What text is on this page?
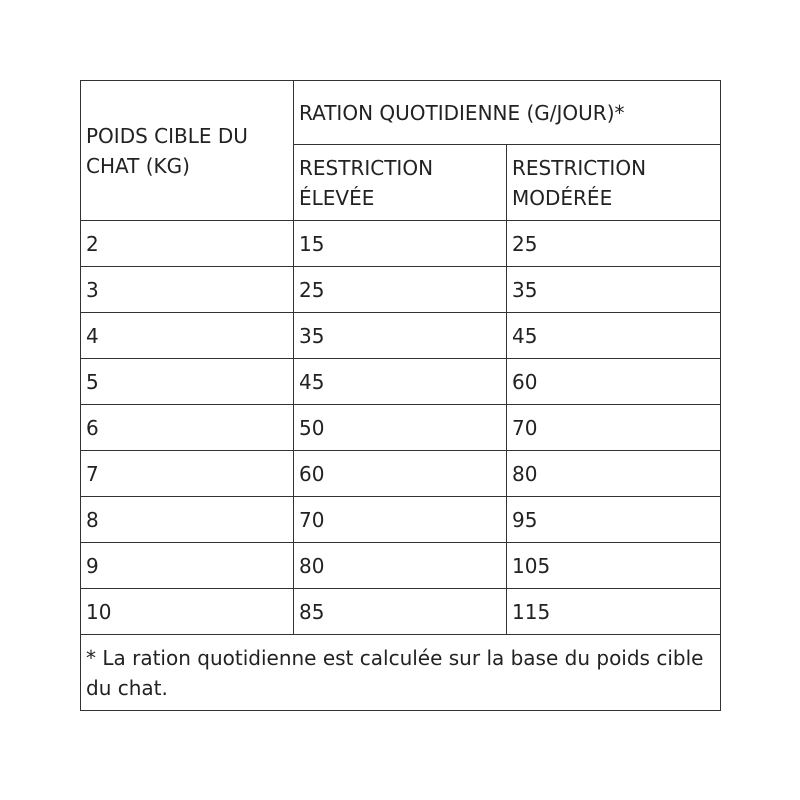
POIDS CIBLE DU CHAT (KG)	RATION QUOTIDIENNE (G/JOUR)*	
	RESTRICTION ÉLEVÉE	RESTRICTION MODÉRÉE
2	15	25
3	25	35
4	35	45
5	45	60
6	50	70
7	60	80
8	70	95
9	80	105
10	85	115
* La ration quotidienne est calculée sur la base du poids cible du chat.		
